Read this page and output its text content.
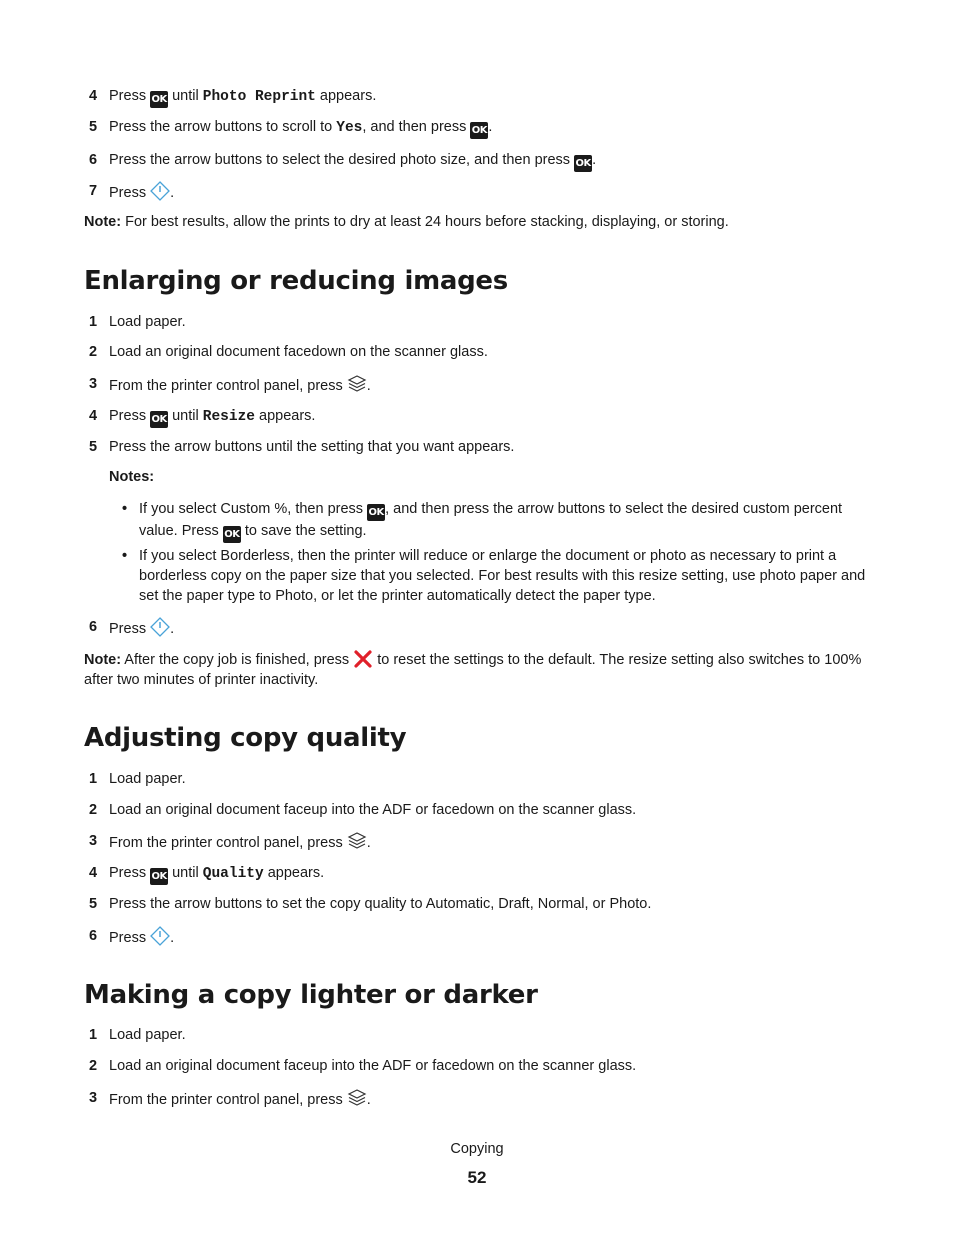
4 Press OK until Photo Reprint appears.
5 Press the arrow buttons to scroll to Yes, and then press OK.
6 Press the arrow buttons to select the desired photo size, and then press OK.
7 Press .
Note: For best results, allow the prints to dry at least 24 hours before stacking, displaying, or storing.
Enlarging or reducing images
1 Load paper.
2 Load an original document facedown on the scanner glass.
3 From the printer control panel, press .
4 Press OK until Resize appears.
5 Press the arrow buttons until the setting that you want appears.
Notes:
• If you select Custom %, then press OK, and then press the arrow buttons to select the desired custom percent value. Press OK to save the setting.
• If you select Borderless, then the printer will reduce or enlarge the document or photo as necessary to print a borderless copy on the paper size that you selected. For best results with this resize setting, use photo paper and set the paper type to Photo, or let the printer automatically detect the paper type.
6 Press .
Note: After the copy job is finished, press  to reset the settings to the default. The resize setting also switches to 100% after two minutes of printer inactivity.
Adjusting copy quality
1 Load paper.
2 Load an original document faceup into the ADF or facedown on the scanner glass.
3 From the printer control panel, press .
4 Press OK until Quality appears.
5 Press the arrow buttons to set the copy quality to Automatic, Draft, Normal, or Photo.
6 Press .
Making a copy lighter or darker
1 Load paper.
2 Load an original document faceup into the ADF or facedown on the scanner glass.
3 From the printer control panel, press .
Copying
52
